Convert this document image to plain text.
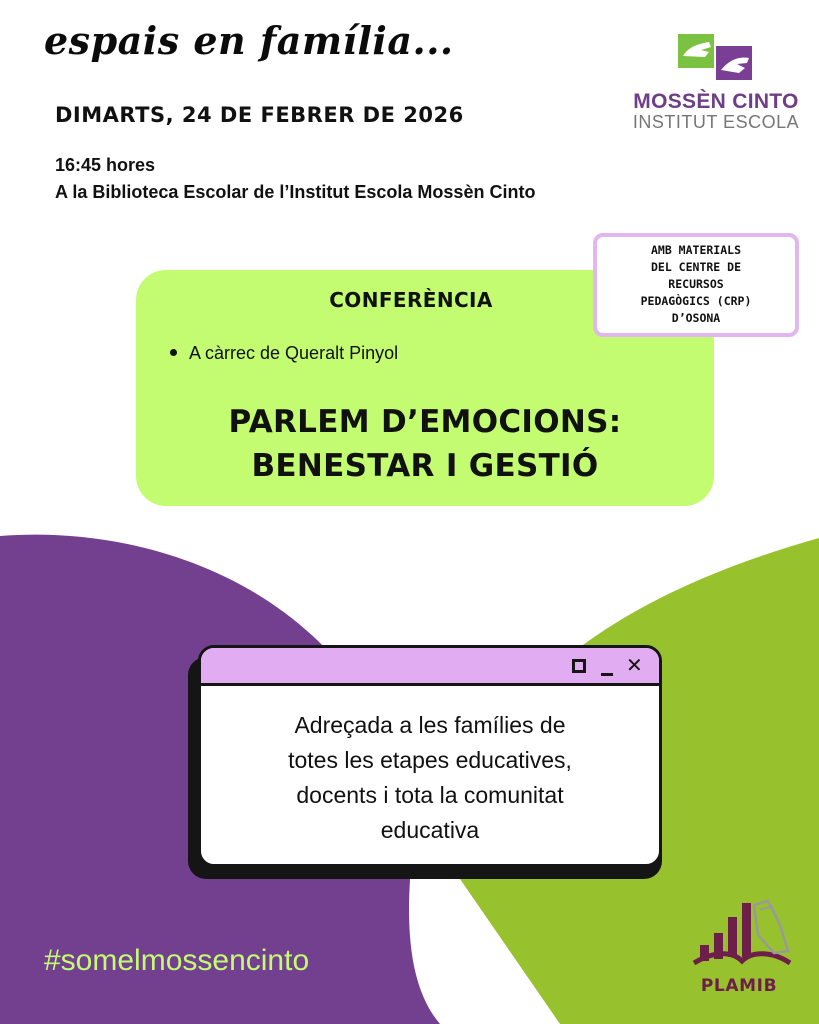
espais en família...
DIMARTS, 24 DE FEBRER DE 2026
16:45 hores
A la Biblioteca Escolar de l’Institut Escola Mossèn Cinto
MOSSÈN CINTO
INSTITUT ESCOLA
CONFERÈNCIA
A càrrec de Queralt Pinyol
PARLEM D’EMOCIONS:
BENESTAR I GESTIÓ
AMB MATERIALS
DEL CENTRE DE
RECURSOS
PEDAGÒGICS (CRP)
D’OSONA
✕
Adreçada a les famílies de
totes les etapes educatives,
docents i tota la comunitat
educativa
#somelmossencinto
PLAMIB
